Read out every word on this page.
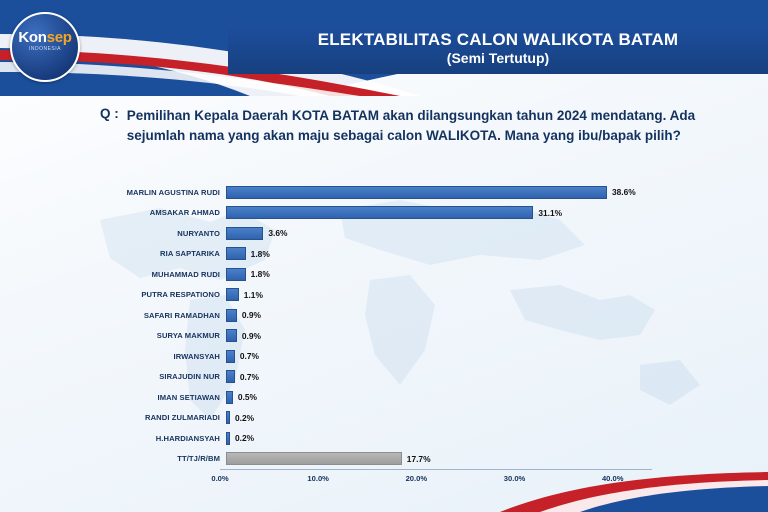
Konsep
INDONESIA	ELEKTABILITAS CALON WALIKOTA BATAM
(Semi Tertutup)
Q : Pemilihan Kepala Daerah KOTA BATAM akan dilangsungkan tahun 2024 mendatang. Ada sejumlah nama yang akan maju sebagai calon WALIKOTA. Mana yang ibu/bapak pilih?
MARLIN AGUSTINA RUDI	38.6%
AMSAKAR AHMAD	31.1%
NURYANTO	3.6%
RIA SAPTARIKA	1.8%
MUHAMMAD RUDI	1.8%
PUTRA RESPATIONO	1.1%
SAFARI RAMADHAN	0.9%
SURYA MAKMUR	0.9%
IRWANSYAH	0.7%
SIRAJUDIN NUR	0.7%
IMAN SETIAWAN	0.5%
RANDI ZULMARIADI	0.2%
H.HARDIANSYAH	0.2%
TT/TJ/R/BM	17.7%
0.0%	10.0%	20.0%	30.0%	40.0%
